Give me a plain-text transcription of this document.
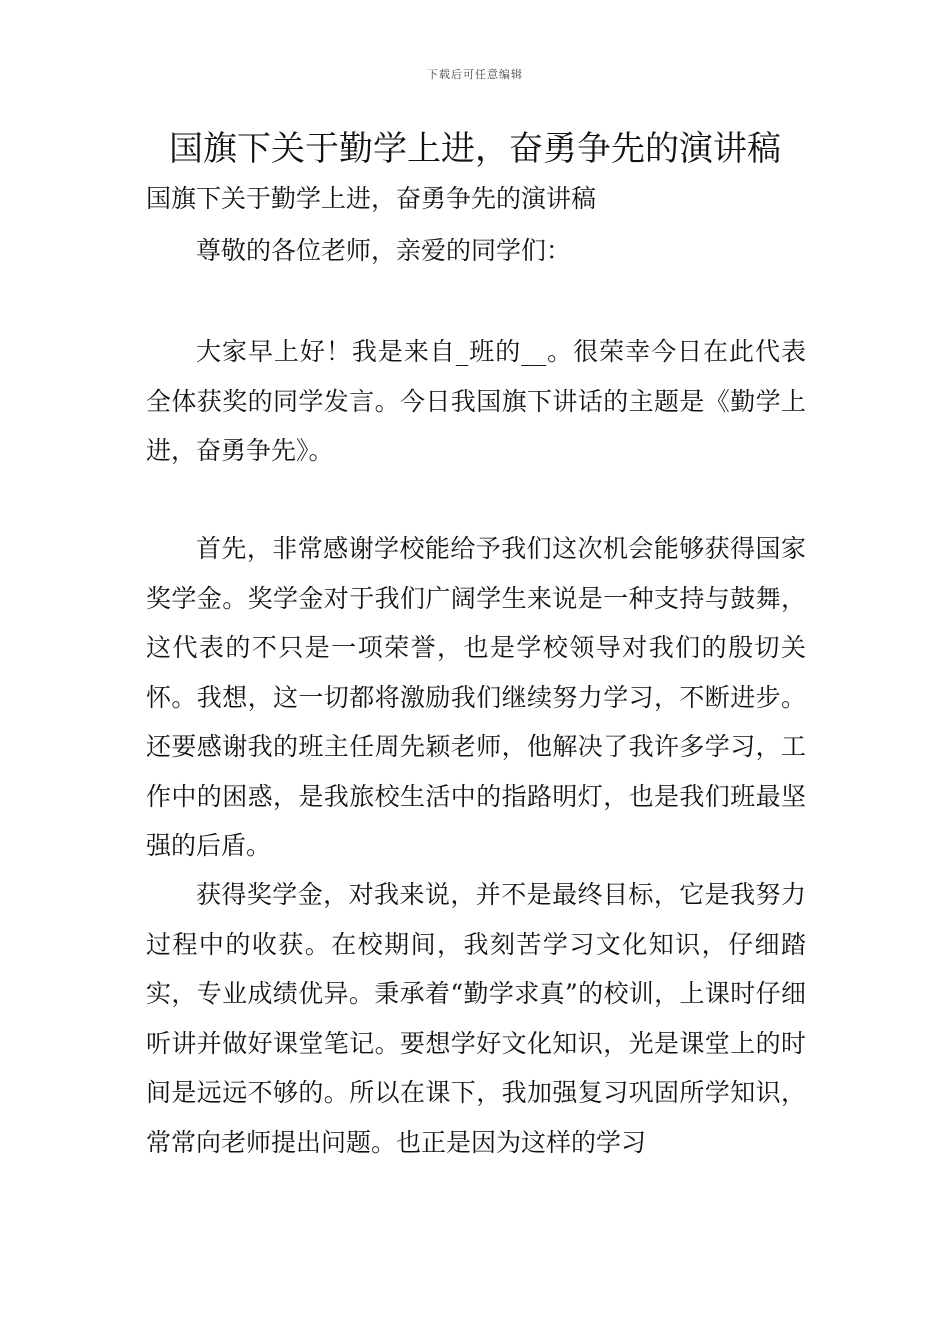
下载后可任意编辑
国旗下关于勤学上进，奋勇争先的演讲稿

国旗下关于勤学上进，奋勇争先的演讲稿

尊敬的各位老师，亲爱的同学们：

大家早上好！我是来自_班的__。很荣幸今日在此代表全体获奖的同学发言。今日我国旗下讲话的主题是《勤学上进，奋勇争先》。

首先，非常感谢学校能给予我们这次机会能够获得国家奖学金。奖学金对于我们广阔学生来说是一种支持与鼓舞，这代表的不只是一项荣誉，也是学校领导对我们的殷切关怀。我想，这一切都将激励我们继续努力学习，不断进步。还要感谢我的班主任周先颖老师，他解决了我许多学习，工作中的困惑，是我旅校生活中的指路明灯，也是我们班最坚强的后盾。

获得奖学金，对我来说，并不是最终目标，它是我努力过程中的收获。在校期间，我刻苦学习文化知识，仔细踏实，专业成绩优异。秉承着“勤学求真”的校训，上课时仔细听讲并做好课堂笔记。要想学好文化知识，光是课堂上的时间是远远不够的。所以在课下，我加强复习巩固所学知识，常常向老师提出问题。也正是因为这样的学习
